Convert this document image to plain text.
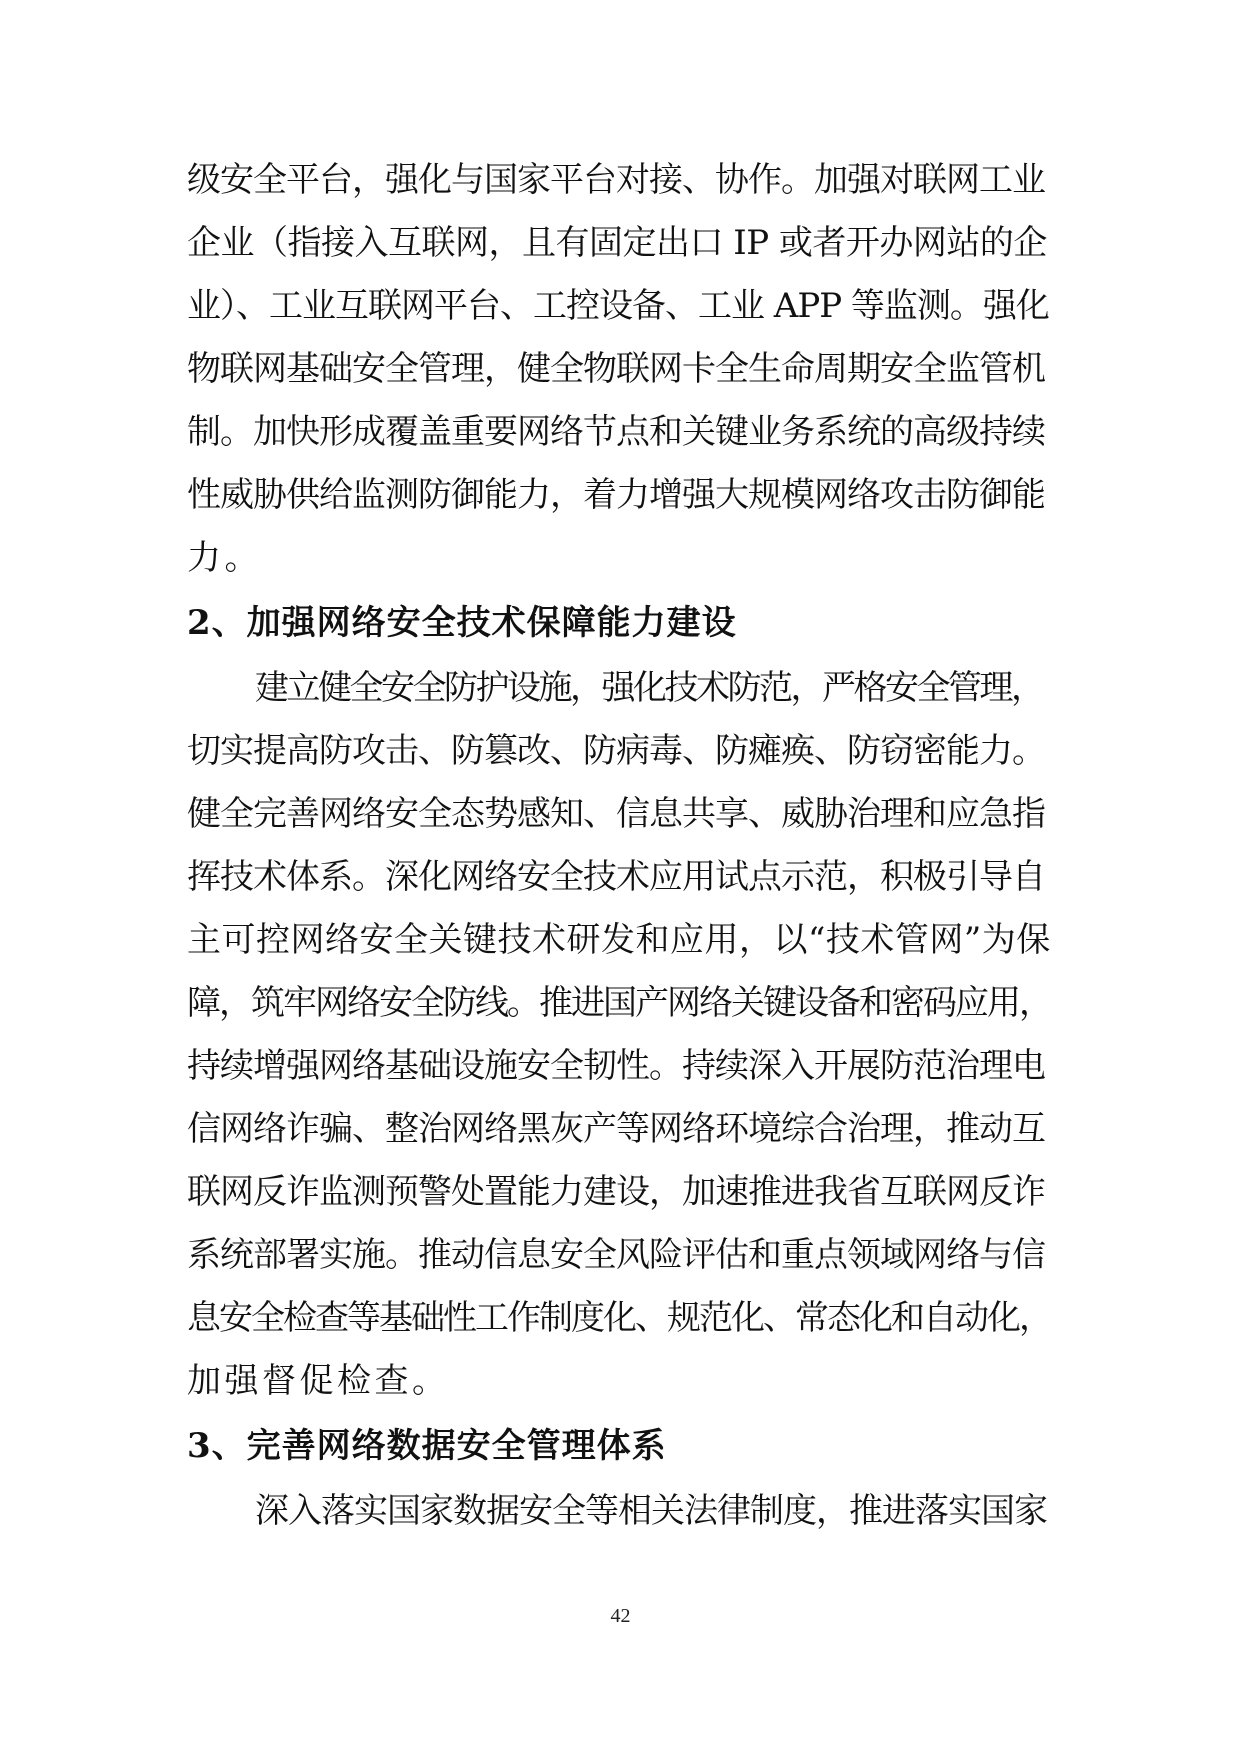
级安全平台，强化与国家平台对接、协作。加强对联网工业
企业（指接入互联网，且有固定出口 IP 或者开办网站的企
业）、工业互联网平台、工控设备、工业 APP 等监测。强化
物联网基础安全管理，健全物联网卡全生命周期安全监管机
制。加快形成覆盖重要网络节点和关键业务系统的高级持续
性威胁供给监测防御能力，着力增强大规模网络攻击防御能
力。
2、加强网络安全技术保障能力建设
建立健全安全防护设施，强化技术防范，严格安全管理，
切实提高防攻击、防篡改、防病毒、防瘫痪、防窃密能力。
健全完善网络安全态势感知、信息共享、威胁治理和应急指
挥技术体系。深化网络安全技术应用试点示范，积极引导自
主可控网络安全关键技术研发和应用，以“技术管网”为保
障，筑牢网络安全防线。推进国产网络关键设备和密码应用，
持续增强网络基础设施安全韧性。持续深入开展防范治理电
信网络诈骗、整治网络黑灰产等网络环境综合治理，推动互
联网反诈监测预警处置能力建设，加速推进我省互联网反诈
系统部署实施。推动信息安全风险评估和重点领域网络与信
息安全检查等基础性工作制度化、规范化、常态化和自动化，
加强督促检查。
3、完善网络数据安全管理体系
深入落实国家数据安全等相关法律制度，推进落实国家
42
